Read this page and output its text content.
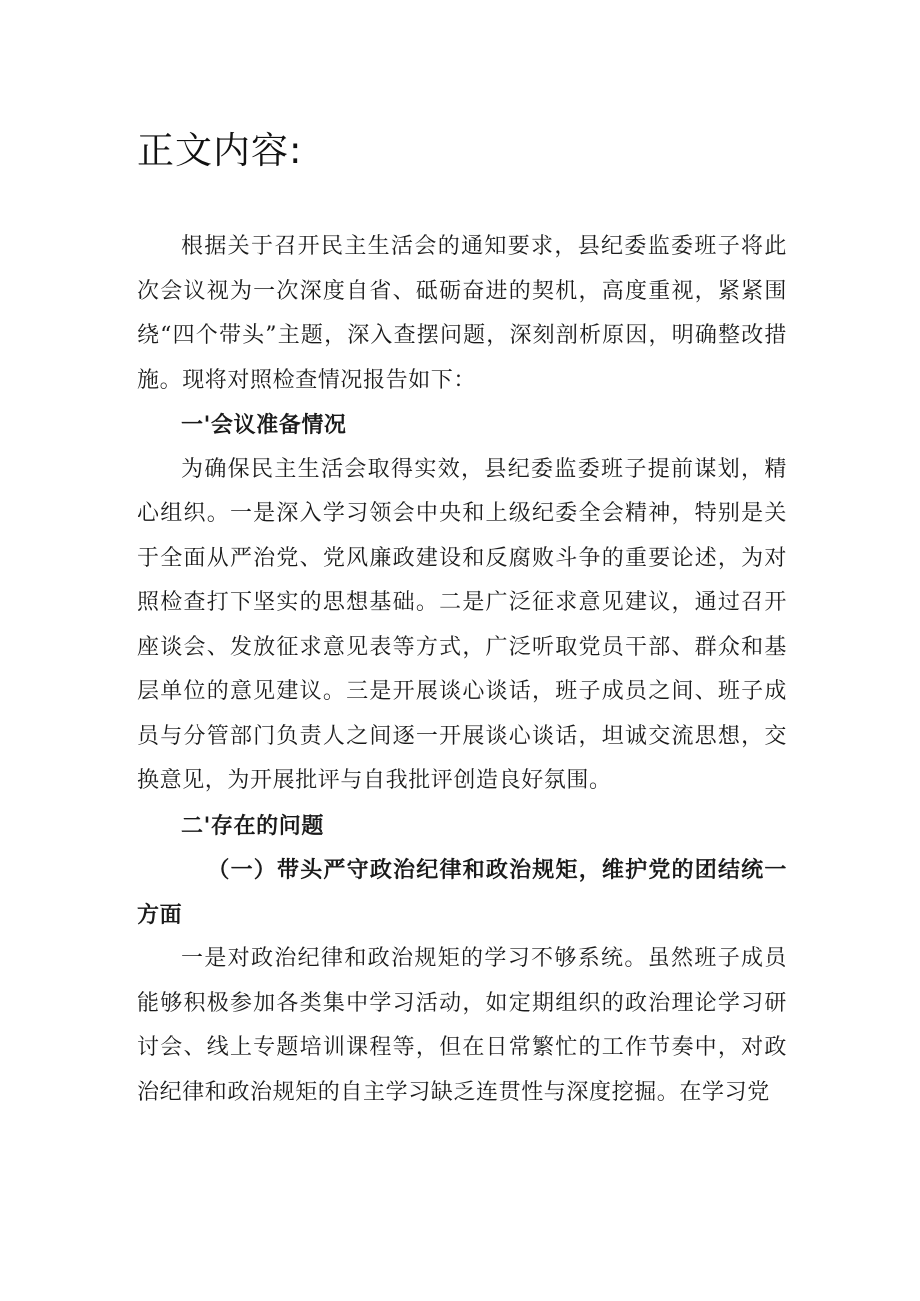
正文内容:

根据关于召开民主生活会的通知要求，县纪委监委班子将此次会议视为一次深度自省、砥砺奋进的契机，高度重视，紧紧围绕“四个带头”主题，深入查摆问题，深刻剖析原因，明确整改措施。现将对照检查情况报告如下：

一'会议准备情况

为确保民主生活会取得实效，县纪委监委班子提前谋划，精心组织。一是深入学习领会中央和上级纪委全会精神，特别是关于全面从严治党、党风廉政建设和反腐败斗争的重要论述，为对照检查打下坚实的思想基础。二是广泛征求意见建议，通过召开座谈会、发放征求意见表等方式，广泛听取党员干部、群众和基层单位的意见建议。三是开展谈心谈话，班子成员之间、班子成员与分管部门负责人之间逐一开展谈心谈话，坦诚交流思想，交换意见，为开展批评与自我批评创造良好氛围。

二'存在的问题

（一）带头严守政治纪律和政治规矩，维护党的团结统一方面

一是对政治纪律和政治规矩的学习不够系统。虽然班子成员能够积极参加各类集中学习活动，如定期组织的政治理论学习研讨会、线上专题培训课程等，但在日常繁忙的工作节奏中，对政治纪律和政治规矩的自主学习缺乏连贯性与深度挖掘。在学习党
